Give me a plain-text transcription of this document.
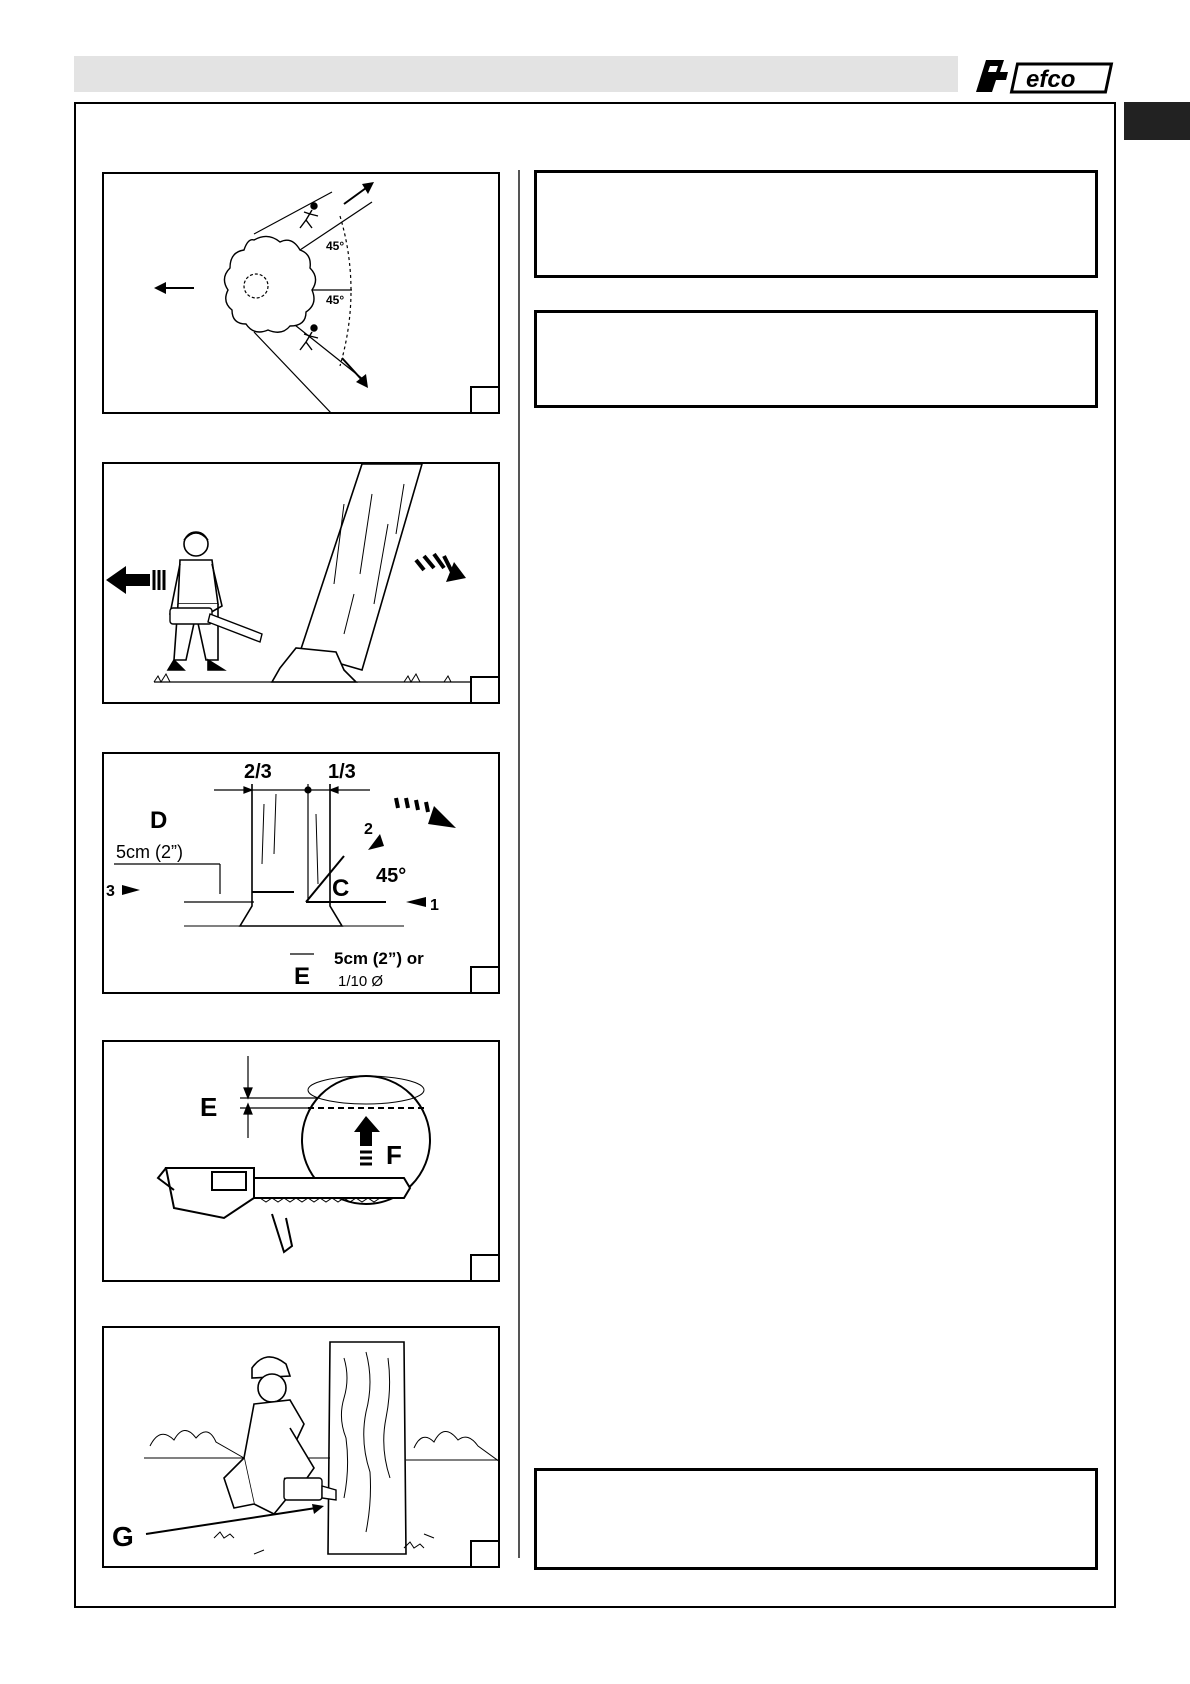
efco
45°
45°
2/3	1/3
D
5cm (2”)
C 45°
3
1
2
E
5cm (2”) or
1/10 Ø
E
F
G
